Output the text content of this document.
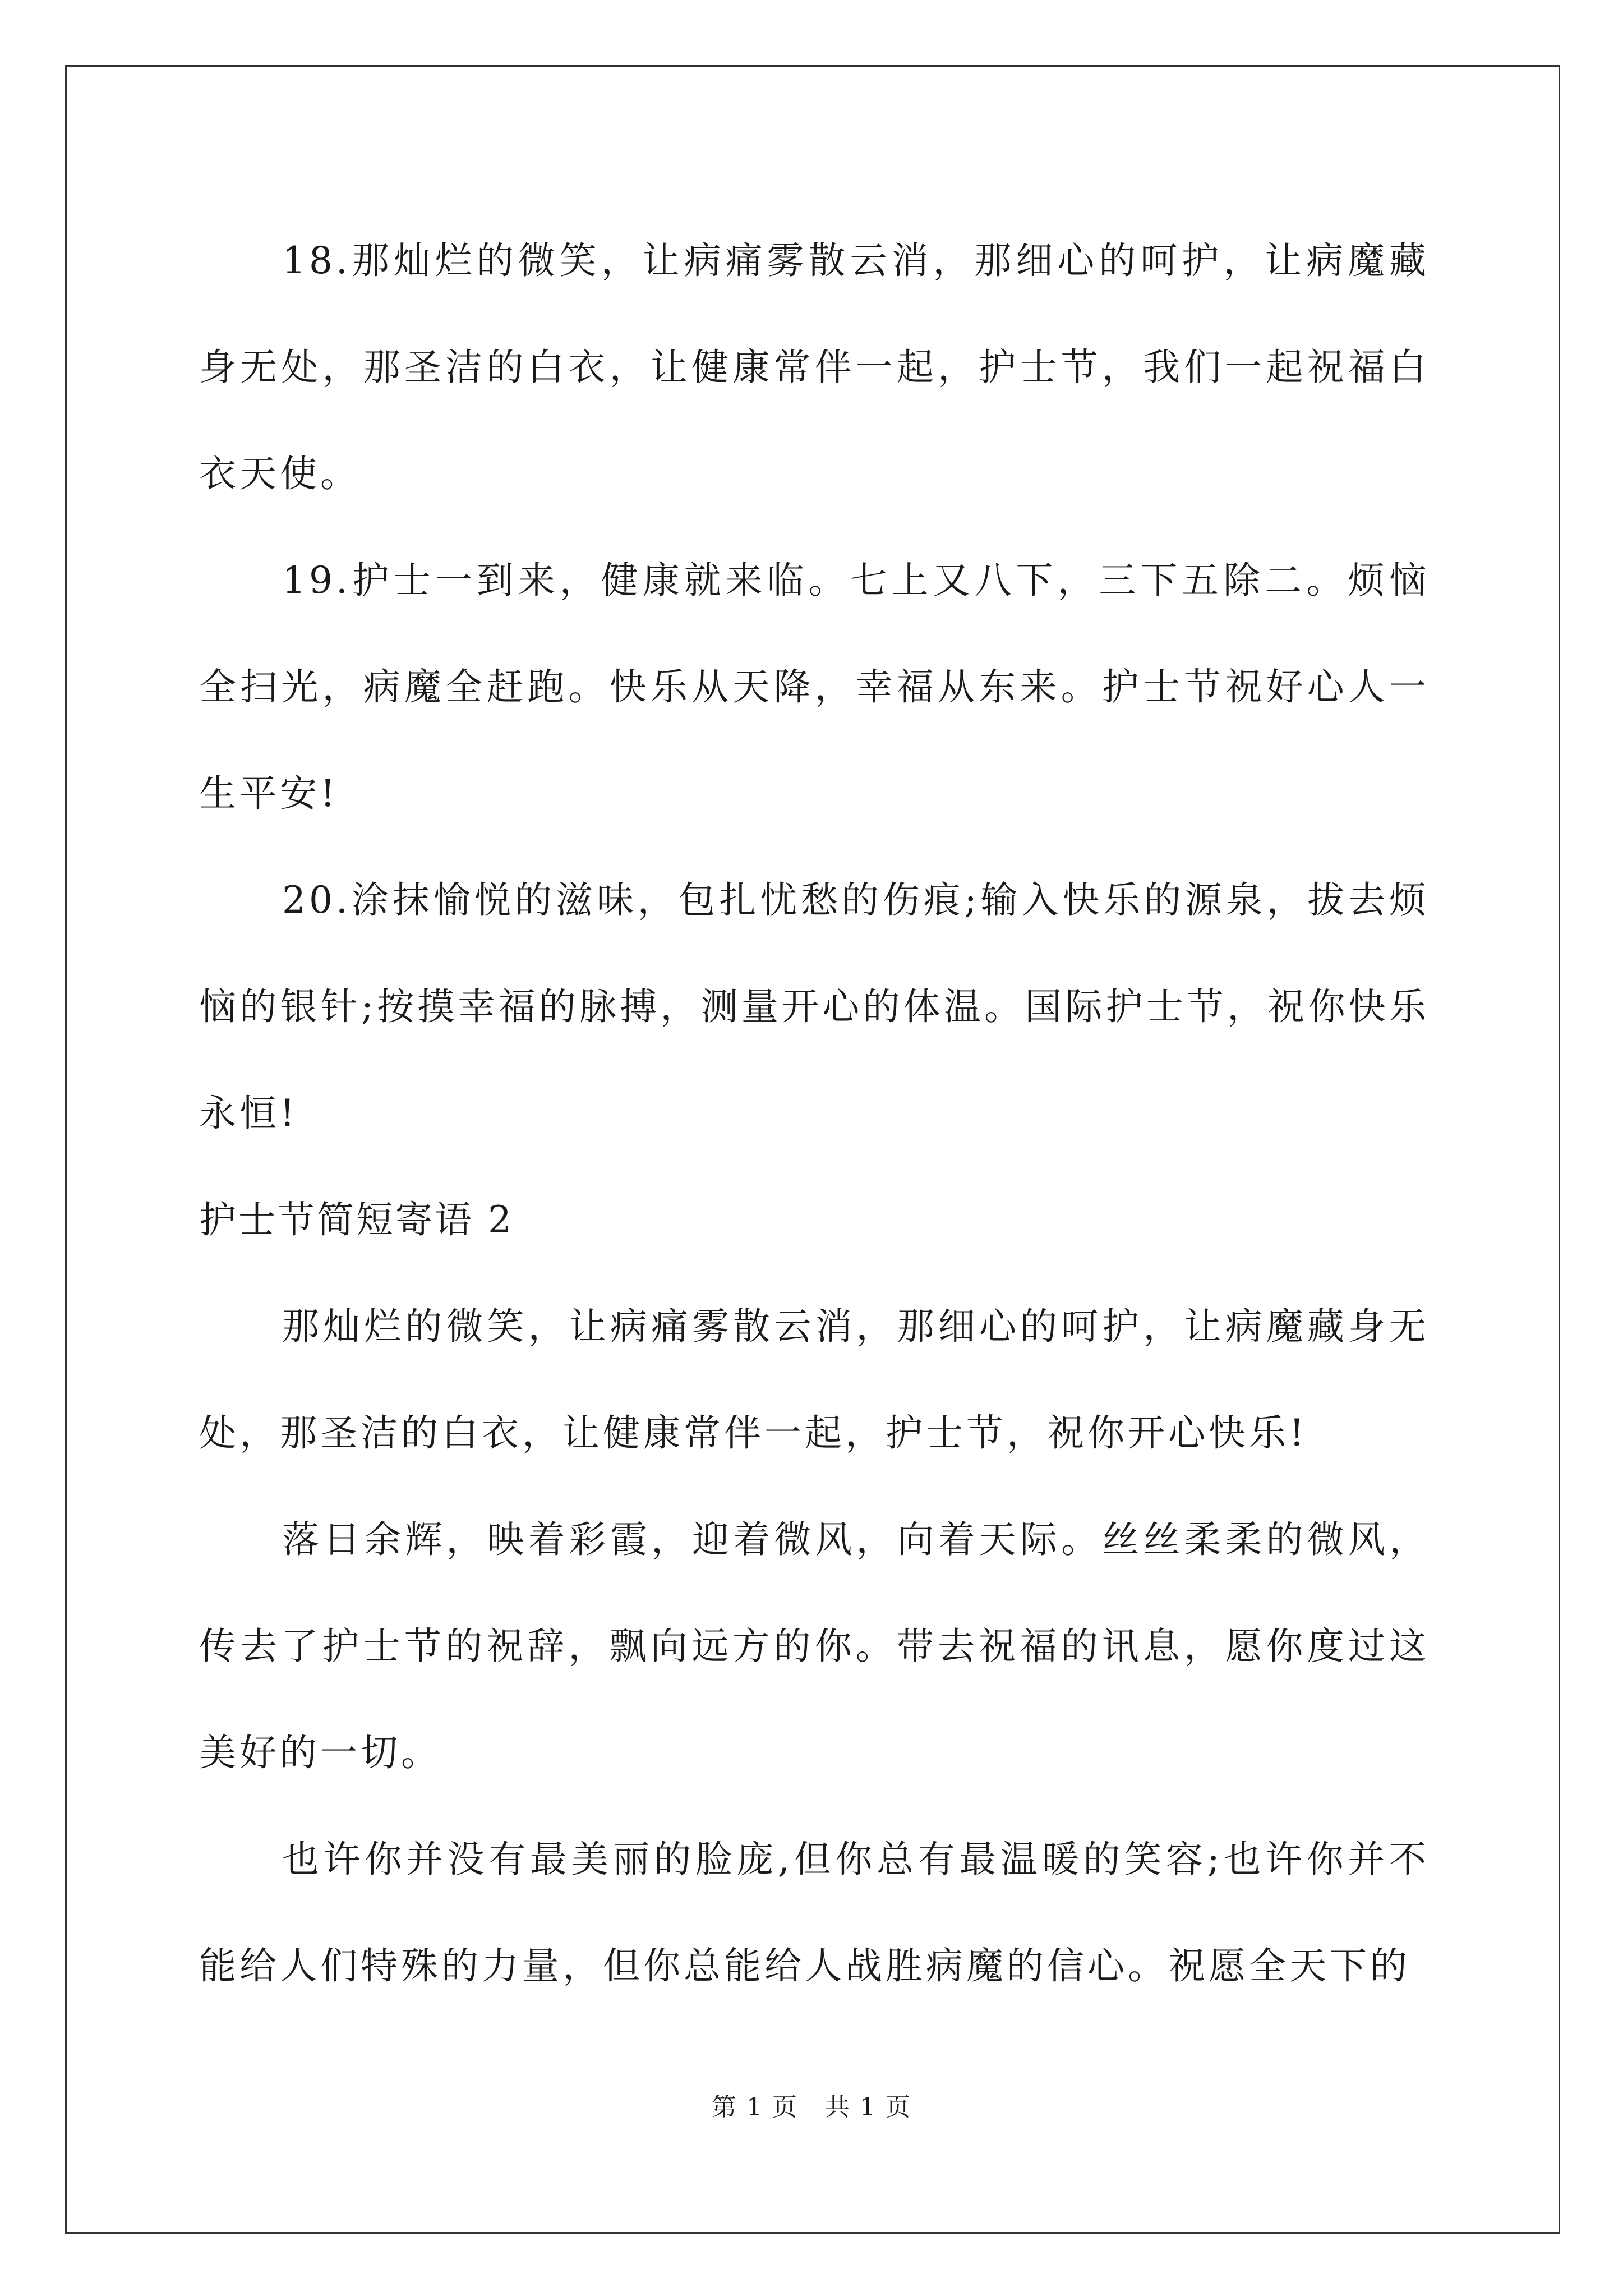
18.那灿烂的微笑，让病痛雾散云消，那细心的呵护，让病魔藏身无处，那圣洁的白衣，让健康常伴一起，护士节，我们一起祝福白衣天使。

19.护士一到来，健康就来临。七上又八下，三下五除二。烦恼全扫光，病魔全赶跑。快乐从天降，幸福从东来。护士节祝好心人一生平安!

20.涂抹愉悦的滋味，包扎忧愁的伤痕;输入快乐的源泉，拔去烦恼的银针;按摸幸福的脉搏，测量开心的体温。国际护士节，祝你快乐永恒!

护士节简短寄语 2

那灿烂的微笑，让病痛雾散云消，那细心的呵护，让病魔藏身无处，那圣洁的白衣，让健康常伴一起，护士节，祝你开心快乐!

落日余辉，映着彩霞，迎着微风，向着天际。丝丝柔柔的微风，传去了护士节的祝辞，飘向远方的你。带去祝福的讯息，愿你度过这美好的一切。

也许你并没有最美丽的脸庞,但你总有最温暖的笑容;也许你并不能给人们特殊的力量，但你总能给人战胜病魔的信心。祝愿全天下的

第 1 页 共 1 页
